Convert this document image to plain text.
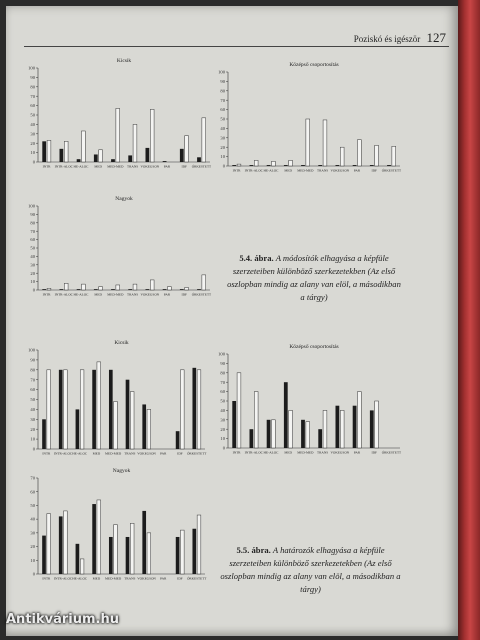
Poziskó és igéször 127
Kicsik
0
10
20
30
40
50
60
70
80
90
100
INTR INTR-ALOC HE-ALOC MED MED-MED TRANS VOKEGSON PAR	IDF ÓRKESTETT
Középső csoportosítás
0
10
20
30
40
50
60
70
80
90
100
INTR INTR-ALOC HE-ALOC MED MED-MED TRANS VOKEGSON PAR	IDF ÓRKESTETT
Nagyok
0
10
20
30
40
50
60
70
80
90
100
INTR INTR-ALOC HE-ALOC MED MED-MED TRANS VOKEGSON PAR	IDF ÓRKESTETT
5.4. ábra. A módosítók elhagyása a képfüle szerzeteiben különböző szerkezetekben (Az első oszlopban mindig az alany van elöl, a másodikban a tárgy)
Kicsik
0
10
20
30
40
50
60
70
80
90
100
INTR INTR-ALOC HE-ALOC MED MED-MED TRANS VOKEGSON PAR	IDF ÓRKESTETT
Középső csoportosítás
0
10
20
30
40
50
60
70
80
90
100
INTR INTR-ALOC HE-ALOC MED MED-MED TRANS VOKEGSON PAR	IDF ÓRKESTETT
Nagyok
0
10
20
30
40
50
60
70
INTR INTR-ALOC HE-ALOC MED MED-MED TRANS VOKEGSON PAR	IDF ÓRKESTETT
5.5. ábra. A határozók elhagyása a képfüle szerzeteiben különböző szerkezetekben (Az első oszlopban mindig az alany van elöl, a másodikban a tárgy)
Antikvárium.hu
